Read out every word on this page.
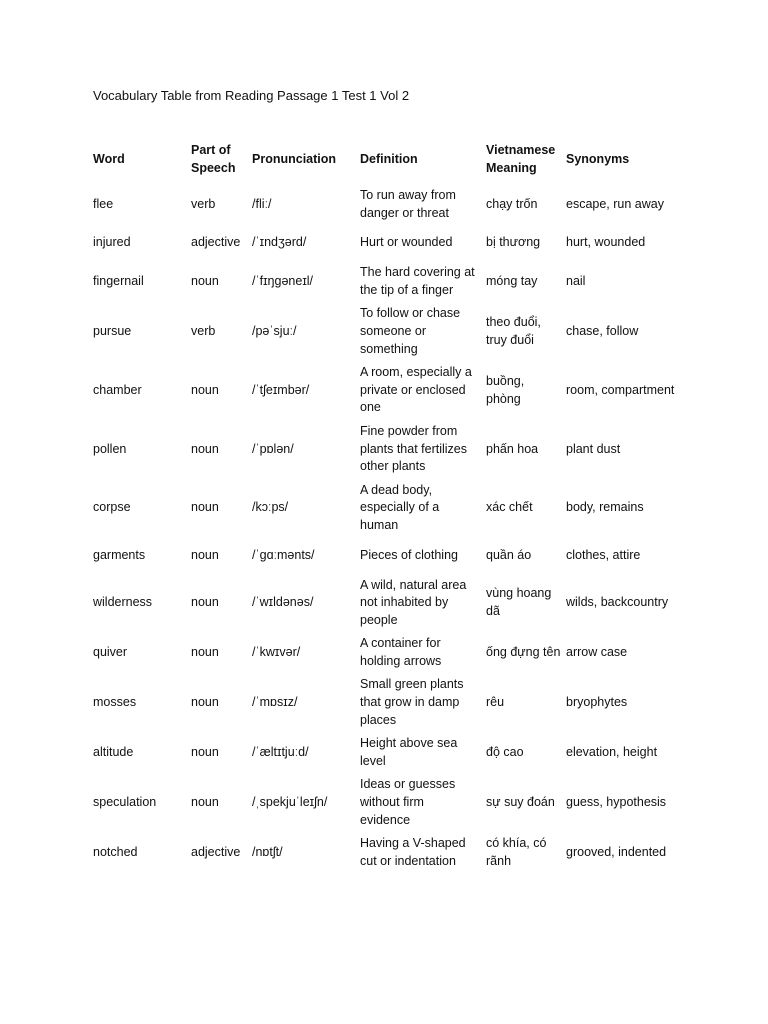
Vocabulary Table from Reading Passage 1 Test 1 Vol 2
Word	Part of Speech	Pronunciation	Definition	Vietnamese Meaning	Synonyms
flee	verb	/fliː/	To run away from danger or threat	chạy trốn	escape, run away
injured	adjective	/ˈɪndʒərd/	Hurt or wounded	bị thương	hurt, wounded
fingernail	noun	/ˈfɪŋɡəneɪl/	The hard covering at the tip of a finger	móng tay	nail
pursue	verb	/pəˈsjuː/	To follow or chase someone or something	theo đuổi, truy đuổi	chase, follow
chamber	noun	/ˈtʃeɪmbər/	A room, especially a private or enclosed one	buồng, phòng	room, compartment
pollen	noun	/ˈpɒlən/	Fine powder from plants that fertilizes other plants	phấn hoa	plant dust
corpse	noun	/kɔːps/	A dead body, especially of a human	xác chết	body, remains
garments	noun	/ˈɡɑːmənts/	Pieces of clothing	quần áo	clothes, attire
wilderness	noun	/ˈwɪldənəs/	A wild, natural area not inhabited by people	vùng hoang dã	wilds, backcountry
quiver	noun	/ˈkwɪvər/	A container for holding arrows	ống đựng tên	arrow case
mosses	noun	/ˈmɒsɪz/	Small green plants that grow in damp places	rêu	bryophytes
altitude	noun	/ˈæltɪtjuːd/	Height above sea level	độ cao	elevation, height
speculation	noun	/ˌspekjuˈleɪʃn/	Ideas or guesses without firm evidence	sự suy đoán	guess, hypothesis
notched	adjective	/nɒtʃt/	Having a V-shaped cut or indentation	có khía, có rãnh	grooved, indented
